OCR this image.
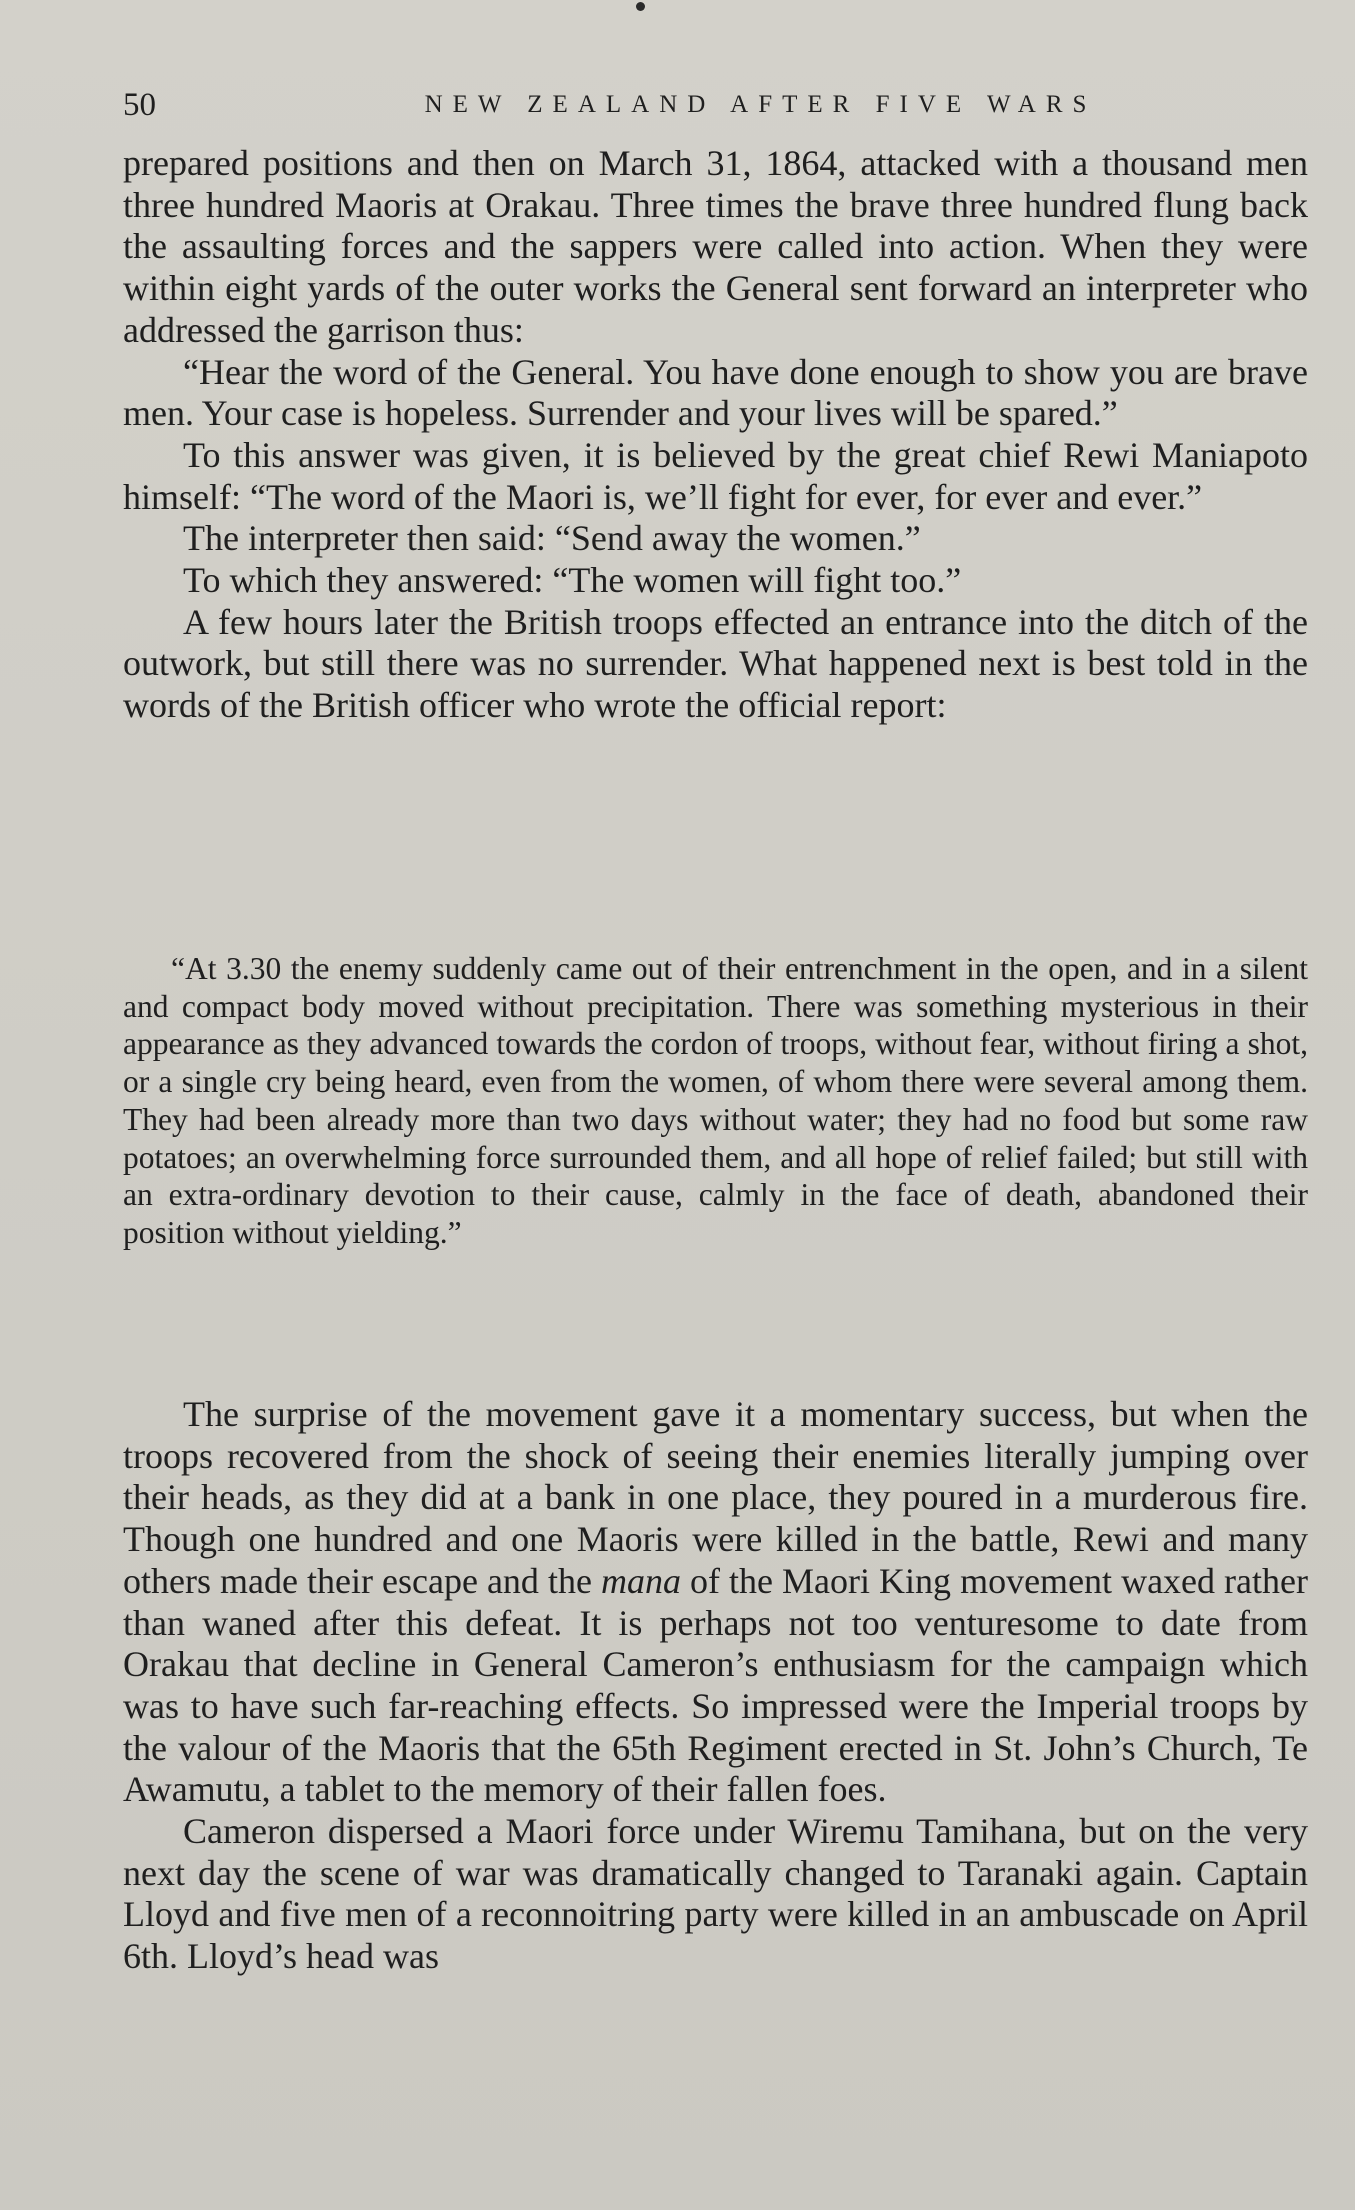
50	NEW ZEALAND AFTER FIVE WARS

prepared positions and then on March 31, 1864, attacked with a thousand men three hundred Maoris at Orakau. Three times the brave three hundred flung back the assaulting forces and the sappers were called into action. When they were within eight yards of the outer works the General sent forward an interpreter who addressed the garrison thus:

“Hear the word of the General. You have done enough to show you are brave men. Your case is hopeless. Surrender and your lives will be spared.”

To this answer was given, it is believed by the great chief Rewi Maniapoto himself: “The word of the Maori is, we’ll fight for ever, for ever and ever.”

The interpreter then said: “Send away the women.”

To which they answered: “The women will fight too.”

A few hours later the British troops effected an entrance into the ditch of the outwork, but still there was no surrender. What happened next is best told in the words of the British officer who wrote the official report:

“At 3.30 the enemy suddenly came out of their entrenchment in the open, and in a silent and compact body moved without precipitation. There was something mysterious in their appearance as they advanced towards the cordon of troops, without fear, without firing a shot, or a single cry being heard, even from the women, of whom there were several among them. They had been already more than two days without water; they had no food but some raw potatoes; an overwhelming force surrounded them, and all hope of relief failed; but still with an extra-ordinary devotion to their cause, calmly in the face of death, abandoned their position without yielding.”

The surprise of the movement gave it a momentary success, but when the troops recovered from the shock of seeing their enemies literally jumping over their heads, as they did at a bank in one place, they poured in a murderous fire. Though one hundred and one Maoris were killed in the battle, Rewi and many others made their escape and the mana of the Maori King movement waxed rather than waned after this defeat. It is perhaps not too venturesome to date from Orakau that decline in General Cameron’s enthusiasm for the campaign which was to have such far-reaching effects. So impressed were the Imperial troops by the valour of the Maoris that the 65th Regiment erected in St. John’s Church, Te Awamutu, a tablet to the memory of their fallen foes.

Cameron dispersed a Maori force under Wiremu Tamihana, but on the very next day the scene of war was dramatically changed to Taranaki again. Captain Lloyd and five men of a reconnoitring party were killed in an ambuscade on April 6th. Lloyd’s head was
